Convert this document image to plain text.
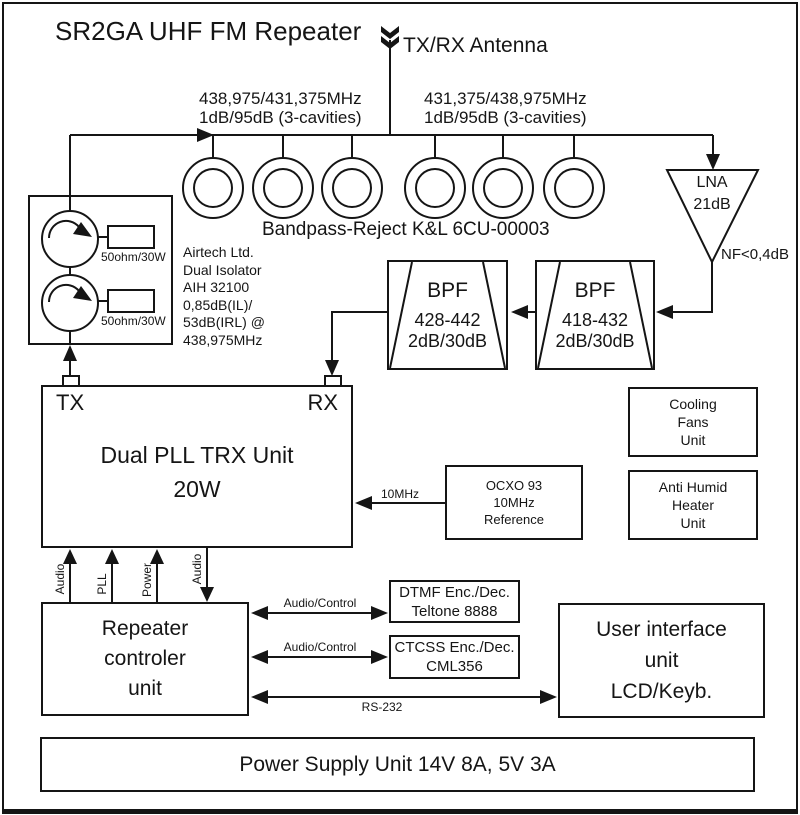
SR2GA UHF FM Repeater TX/RX Antenna
438,975/431,375MHz
1dB/95dB (3-cavities)
431,375/438,975MHz
1dB/95dB (3-cavities)
Bandpass-Reject K&L 6CU-00003
LNA
21dB
NF<0,4dB
BPF
428-442
2dB/30dB
BPF
418-432
2dB/30dB
50ohm/30W
50ohm/30W
Airtech Ltd.
Dual Isolator
AIH 32100
0,85dB(IL)/
53dB(IRL) @
438,975MHz
TX	RX
Dual PLL TRX Unit
20W	OCXO 93
10MHz
Reference
10MHz
Cooling
Fans
Unit
Anti Humid
Heater
Unit
Repeater
controler
unit
Audio PLL	Power	Audio
DTMF Enc./Dec.
Teltone 8888
CTCSS Enc./Dec.
CML356
Audio/Control
Audio/Control
RS-232
User interface
unit
LCD/Keyb.
Power Supply Unit 14V 8A, 5V 3A
